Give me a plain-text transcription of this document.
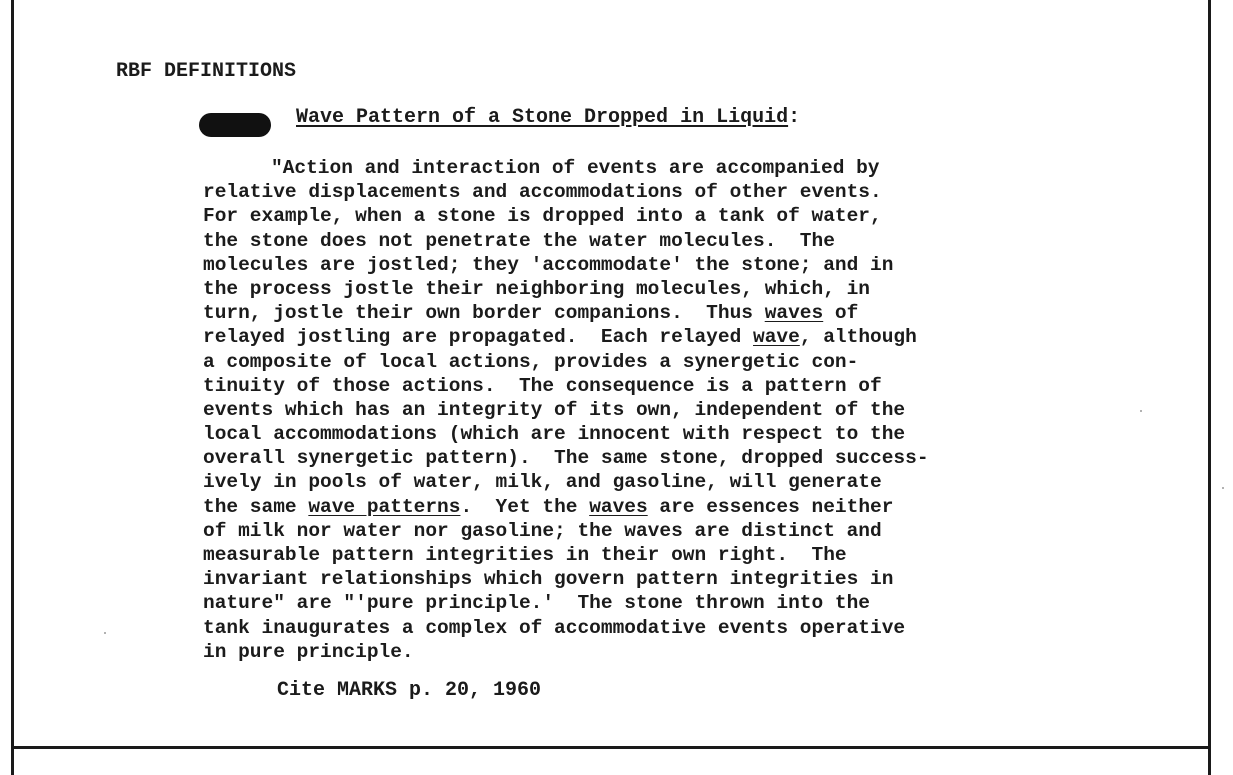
RBF DEFINITIONS

Wave Pattern of a Stone Dropped in Liquid:

"Action and interaction of events are accompanied by
relative displacements and accommodations of other events.
For example, when a stone is dropped into a tank of water,
the stone does not penetrate the water molecules.  The
molecules are jostled; they 'accommodate' the stone; and in
the process jostle their neighboring molecules, which, in
turn, jostle their own border companions.  Thus waves of
relayed jostling are propagated.  Each relayed wave, although
a composite of local actions, provides a synergetic con-
tinuity of those actions.  The consequence is a pattern of
events which has an integrity of its own, independent of the
local accommodations (which are innocent with respect to the
overall synergetic pattern).  The same stone, dropped success-
ively in pools of water, milk, and gasoline, will generate
the same wave patterns.  Yet the waves are essences neither
of milk nor water nor gasoline; the waves are distinct and
measurable pattern integrities in their own right.  The
invariant relationships which govern pattern integrities in
nature" are "'pure principle.'  The stone thrown into the
tank inaugurates a complex of accommodative events operative
in pure principle.

Cite MARKS p. 20, 1960
